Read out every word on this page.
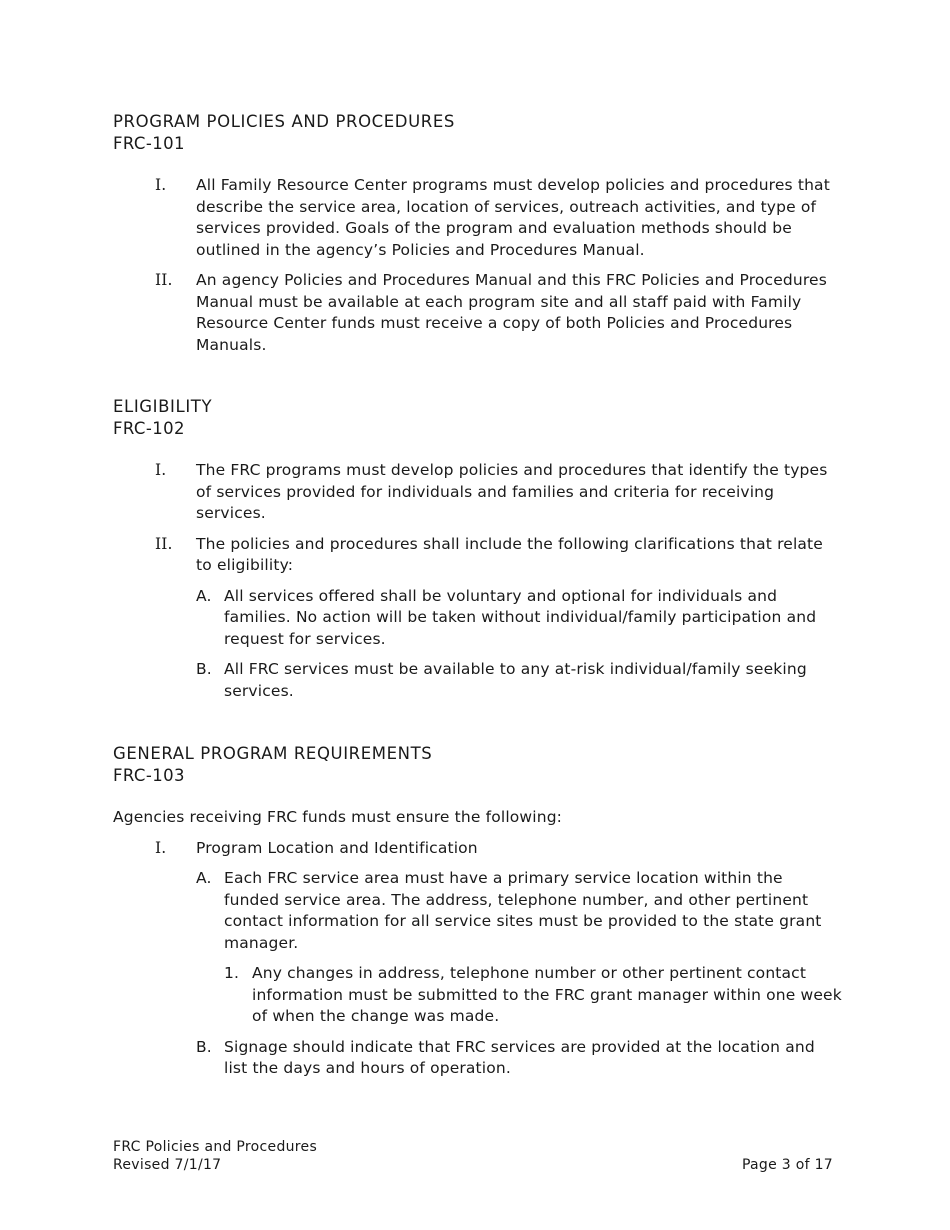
PROGRAM POLICIES AND PROCEDURES

FRC-101

I.	All Family Resource Center programs must develop policies and procedures that describe the service area, location of services, outreach activities, and type of services provided. Goals of the program and evaluation methods should be outlined in the agency’s Policies and Procedures Manual.
II.	An agency Policies and Procedures Manual and this FRC Policies and Procedures Manual must be available at each program site and all staff paid with Family Resource Center funds must receive a copy of both Policies and Procedures Manuals.
ELIGIBILITY

FRC-102

I.	The FRC programs must develop policies and procedures that identify the types of services provided for individuals and families and criteria for receiving services.
II.	The policies and procedures shall include the following clarifications that relate to eligibility:
A. All services offered shall be voluntary and optional for individuals and families. No action will be taken without individual/family participation and request for services.
B. All FRC services must be available to any at-risk individual/family seeking services.
GENERAL PROGRAM REQUIREMENTS

FRC-103

Agencies receiving FRC funds must ensure the following:

I.	Program Location and Identification
A. Each FRC service area must have a primary service location within the funded service area. The address, telephone number, and other pertinent contact information for all service sites must be provided to the state grant manager.
1. Any changes in address, telephone number or other pertinent contact information must be submitted to the FRC grant manager within one week of when the change was made.
B. Signage should indicate that FRC services are provided at the location and list the days and hours of operation.
FRC Policies and Procedures
Revised 7/1/17	Page 3 of 17
